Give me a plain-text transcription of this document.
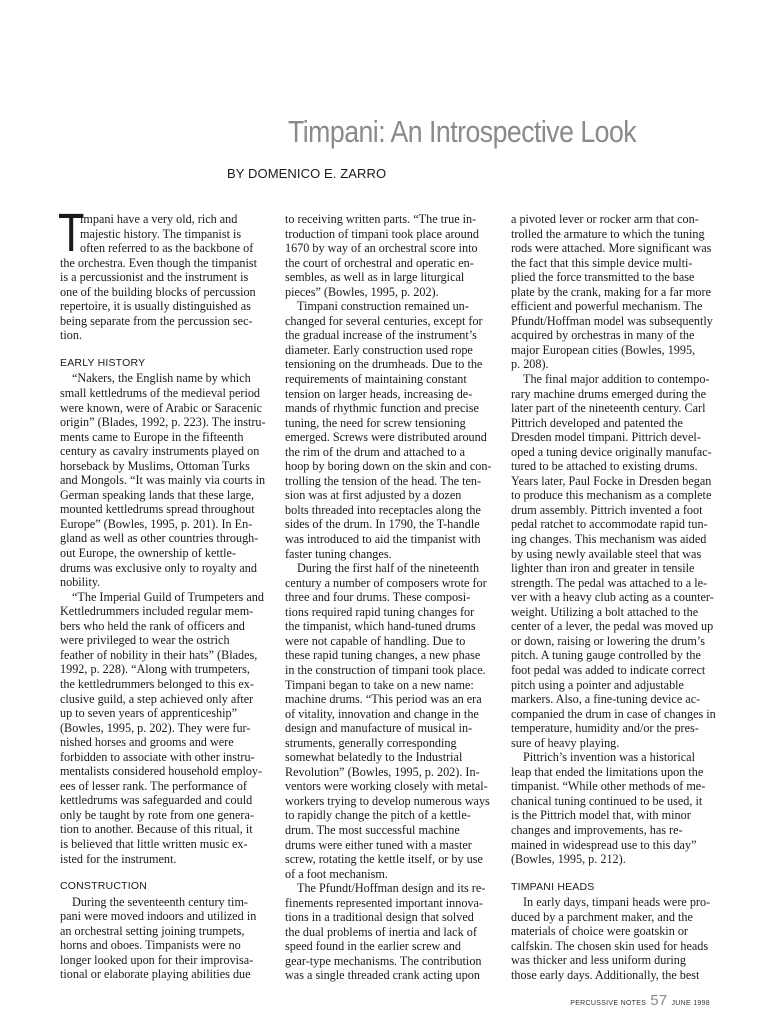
Timpani: An Introspective Look
BY DOMENICO E. ZARRO
T
impani have a very old, rich and
majestic history. The timpanist is
often referred to as the backbone of
the orchestra. Even though the timpanist
is a percussionist and the instrument is
one of the building blocks of percussion
repertoire, it is usually distinguished as
being separate from the percussion sec-
tion.
EARLY HISTORY
“Nakers, the English name by which
small kettledrums of the medieval period
were known, were of Arabic or Saracenic
origin” (Blades, 1992, p. 223). The instru-
ments came to Europe in the fifteenth
century as cavalry instruments played on
horseback by Muslims, Ottoman Turks
and Mongols. “It was mainly via courts in
German speaking lands that these large,
mounted kettledrums spread throughout
Europe” (Bowles, 1995, p. 201). In En-
gland as well as other countries through-
out Europe, the ownership of kettle-
drums was exclusive only to royalty and
nobility.
“The Imperial Guild of Trumpeters and
Kettledrummers included regular mem-
bers who held the rank of officers and
were privileged to wear the ostrich
feather of nobility in their hats” (Blades,
1992, p. 228). “Along with trumpeters,
the kettledrummers belonged to this ex-
clusive guild, a step achieved only after
up to seven years of apprenticeship”
(Bowles, 1995, p. 202). They were fur-
nished horses and grooms and were
forbidden to associate with other instru-
mentalists considered household employ-
ees of lesser rank. The performance of
kettledrums was safeguarded and could
only be taught by rote from one genera-
tion to another. Because of this ritual, it
is believed that little written music ex-
isted for the instrument.
CONSTRUCTION
During the seventeenth century tim-
pani were moved indoors and utilized in
an orchestral setting joining trumpets,
horns and oboes. Timpanists were no
longer looked upon for their improvisa-
tional or elaborate playing abilities due
to receiving written parts. “The true in-
troduction of timpani took place around
1670 by way of an orchestral score into
the court of orchestral and operatic en-
sembles, as well as in large liturgical
pieces” (Bowles, 1995, p. 202).
Timpani construction remained un-
changed for several centuries, except for
the gradual increase of the instrument’s
diameter. Early construction used rope
tensioning on the drumheads. Due to the
requirements of maintaining constant
tension on larger heads, increasing de-
mands of rhythmic function and precise
tuning, the need for screw tensioning
emerged. Screws were distributed around
the rim of the drum and attached to a
hoop by boring down on the skin and con-
trolling the tension of the head. The ten-
sion was at first adjusted by a dozen
bolts threaded into receptacles along the
sides of the drum. In 1790, the T-handle
was introduced to aid the timpanist with
faster tuning changes.
During the first half of the nineteenth
century a number of composers wrote for
three and four drums. These composi-
tions required rapid tuning changes for
the timpanist, which hand-tuned drums
were not capable of handling. Due to
these rapid tuning changes, a new phase
in the construction of timpani took place.
Timpani began to take on a new name:
machine drums. “This period was an era
of vitality, innovation and change in the
design and manufacture of musical in-
struments, generally corresponding
somewhat belatedly to the Industrial
Revolution” (Bowles, 1995, p. 202). In-
ventors were working closely with metal-
workers trying to develop numerous ways
to rapidly change the pitch of a kettle-
drum. The most successful machine
drums were either tuned with a master
screw, rotating the kettle itself, or by use
of a foot mechanism.
The Pfundt/Hoffman design and its re-
finements represented important innova-
tions in a traditional design that solved
the dual problems of inertia and lack of
speed found in the earlier screw and
gear-type mechanisms. The contribution
was a single threaded crank acting upon
a pivoted lever or rocker arm that con-
trolled the armature to which the tuning
rods were attached. More significant was
the fact that this simple device multi-
plied the force transmitted to the base
plate by the crank, making for a far more
efficient and powerful mechanism. The
Pfundt/Hoffman model was subsequently
acquired by orchestras in many of the
major European cities (Bowles, 1995,
p. 208).
The final major addition to contempo-
rary machine drums emerged during the
later part of the nineteenth century. Carl
Pittrich developed and patented the
Dresden model timpani. Pittrich devel-
oped a tuning device originally manufac-
tured to be attached to existing drums.
Years later, Paul Focke in Dresden began
to produce this mechanism as a complete
drum assembly. Pittrich invented a foot
pedal ratchet to accommodate rapid tun-
ing changes. This mechanism was aided
by using newly available steel that was
lighter than iron and greater in tensile
strength. The pedal was attached to a le-
ver with a heavy club acting as a counter-
weight. Utilizing a bolt attached to the
center of a lever, the pedal was moved up
or down, raising or lowering the drum’s
pitch. A tuning gauge controlled by the
foot pedal was added to indicate correct
pitch using a pointer and adjustable
markers. Also, a fine-tuning device ac-
companied the drum in case of changes in
temperature, humidity and/or the pres-
sure of heavy playing.
Pittrich’s invention was a historical
leap that ended the limitations upon the
timpanist. “While other methods of me-
chanical tuning continued to be used, it
is the Pittrich model that, with minor
changes and improvements, has re-
mained in widespread use to this day”
(Bowles, 1995, p. 212).
TIMPANI HEADS
In early days, timpani heads were pro-
duced by a parchment maker, and the
materials of choice were goatskin or
calfskin. The chosen skin used for heads
was thicker and less uniform during
those early days. Additionally, the best
PERCUSSIVE NOTES 57 JUNE 1998
